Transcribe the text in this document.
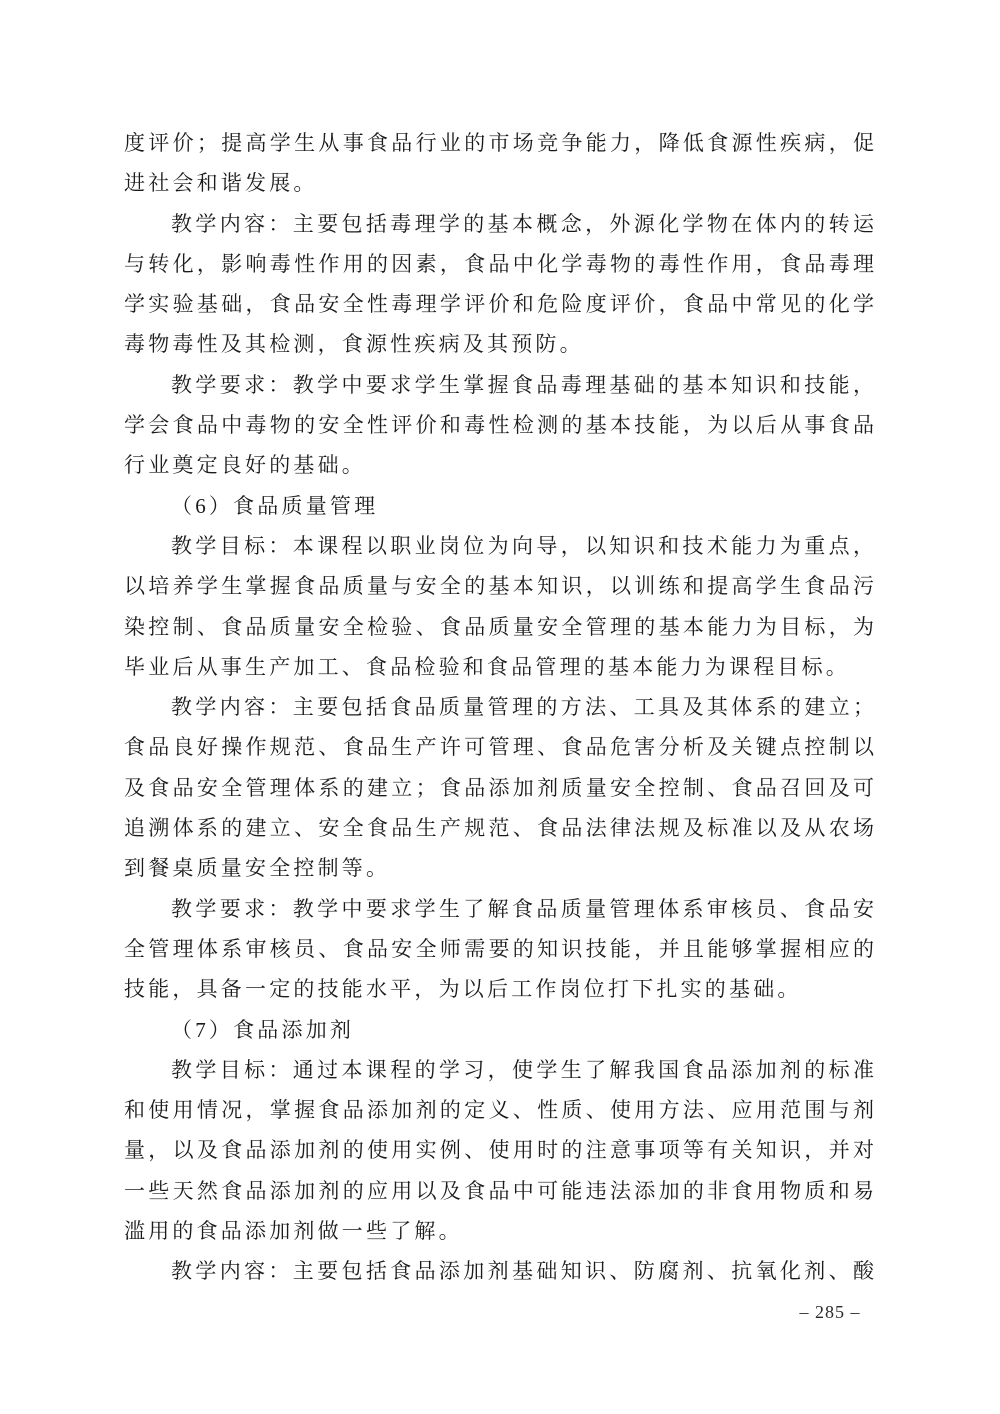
度评价；提高学生从事食品行业的市场竞争能力，降低食源性疾病，促
进社会和谐发展。
教学内容：主要包括毒理学的基本概念，外源化学物在体内的转运
与转化，影响毒性作用的因素，食品中化学毒物的毒性作用，食品毒理
学实验基础，食品安全性毒理学评价和危险度评价，食品中常见的化学
毒物毒性及其检测，食源性疾病及其预防。
教学要求：教学中要求学生掌握食品毒理基础的基本知识和技能，
学会食品中毒物的安全性评价和毒性检测的基本技能，为以后从事食品
行业奠定良好的基础。
（6）食品质量管理
教学目标：本课程以职业岗位为向导，以知识和技术能力为重点，
以培养学生掌握食品质量与安全的基本知识，以训练和提高学生食品污
染控制、食品质量安全检验、食品质量安全管理的基本能力为目标，为
毕业后从事生产加工、食品检验和食品管理的基本能力为课程目标。
教学内容：主要包括食品质量管理的方法、工具及其体系的建立；
食品良好操作规范、食品生产许可管理、食品危害分析及关键点控制以
及食品安全管理体系的建立；食品添加剂质量安全控制、食品召回及可
追溯体系的建立、安全食品生产规范、食品法律法规及标准以及从农场
到餐桌质量安全控制等。
教学要求：教学中要求学生了解食品质量管理体系审核员、食品安
全管理体系审核员、食品安全师需要的知识技能，并且能够掌握相应的
技能，具备一定的技能水平，为以后工作岗位打下扎实的基础。
（7）食品添加剂
教学目标：通过本课程的学习，使学生了解我国食品添加剂的标准
和使用情况，掌握食品添加剂的定义、性质、使用方法、应用范围与剂
量，以及食品添加剂的使用实例、使用时的注意事项等有关知识，并对
一些天然食品添加剂的应用以及食品中可能违法添加的非食用物质和易
滥用的食品添加剂做一些了解。
教学内容：主要包括食品添加剂基础知识、防腐剂、抗氧化剂、酸
– 285 –
